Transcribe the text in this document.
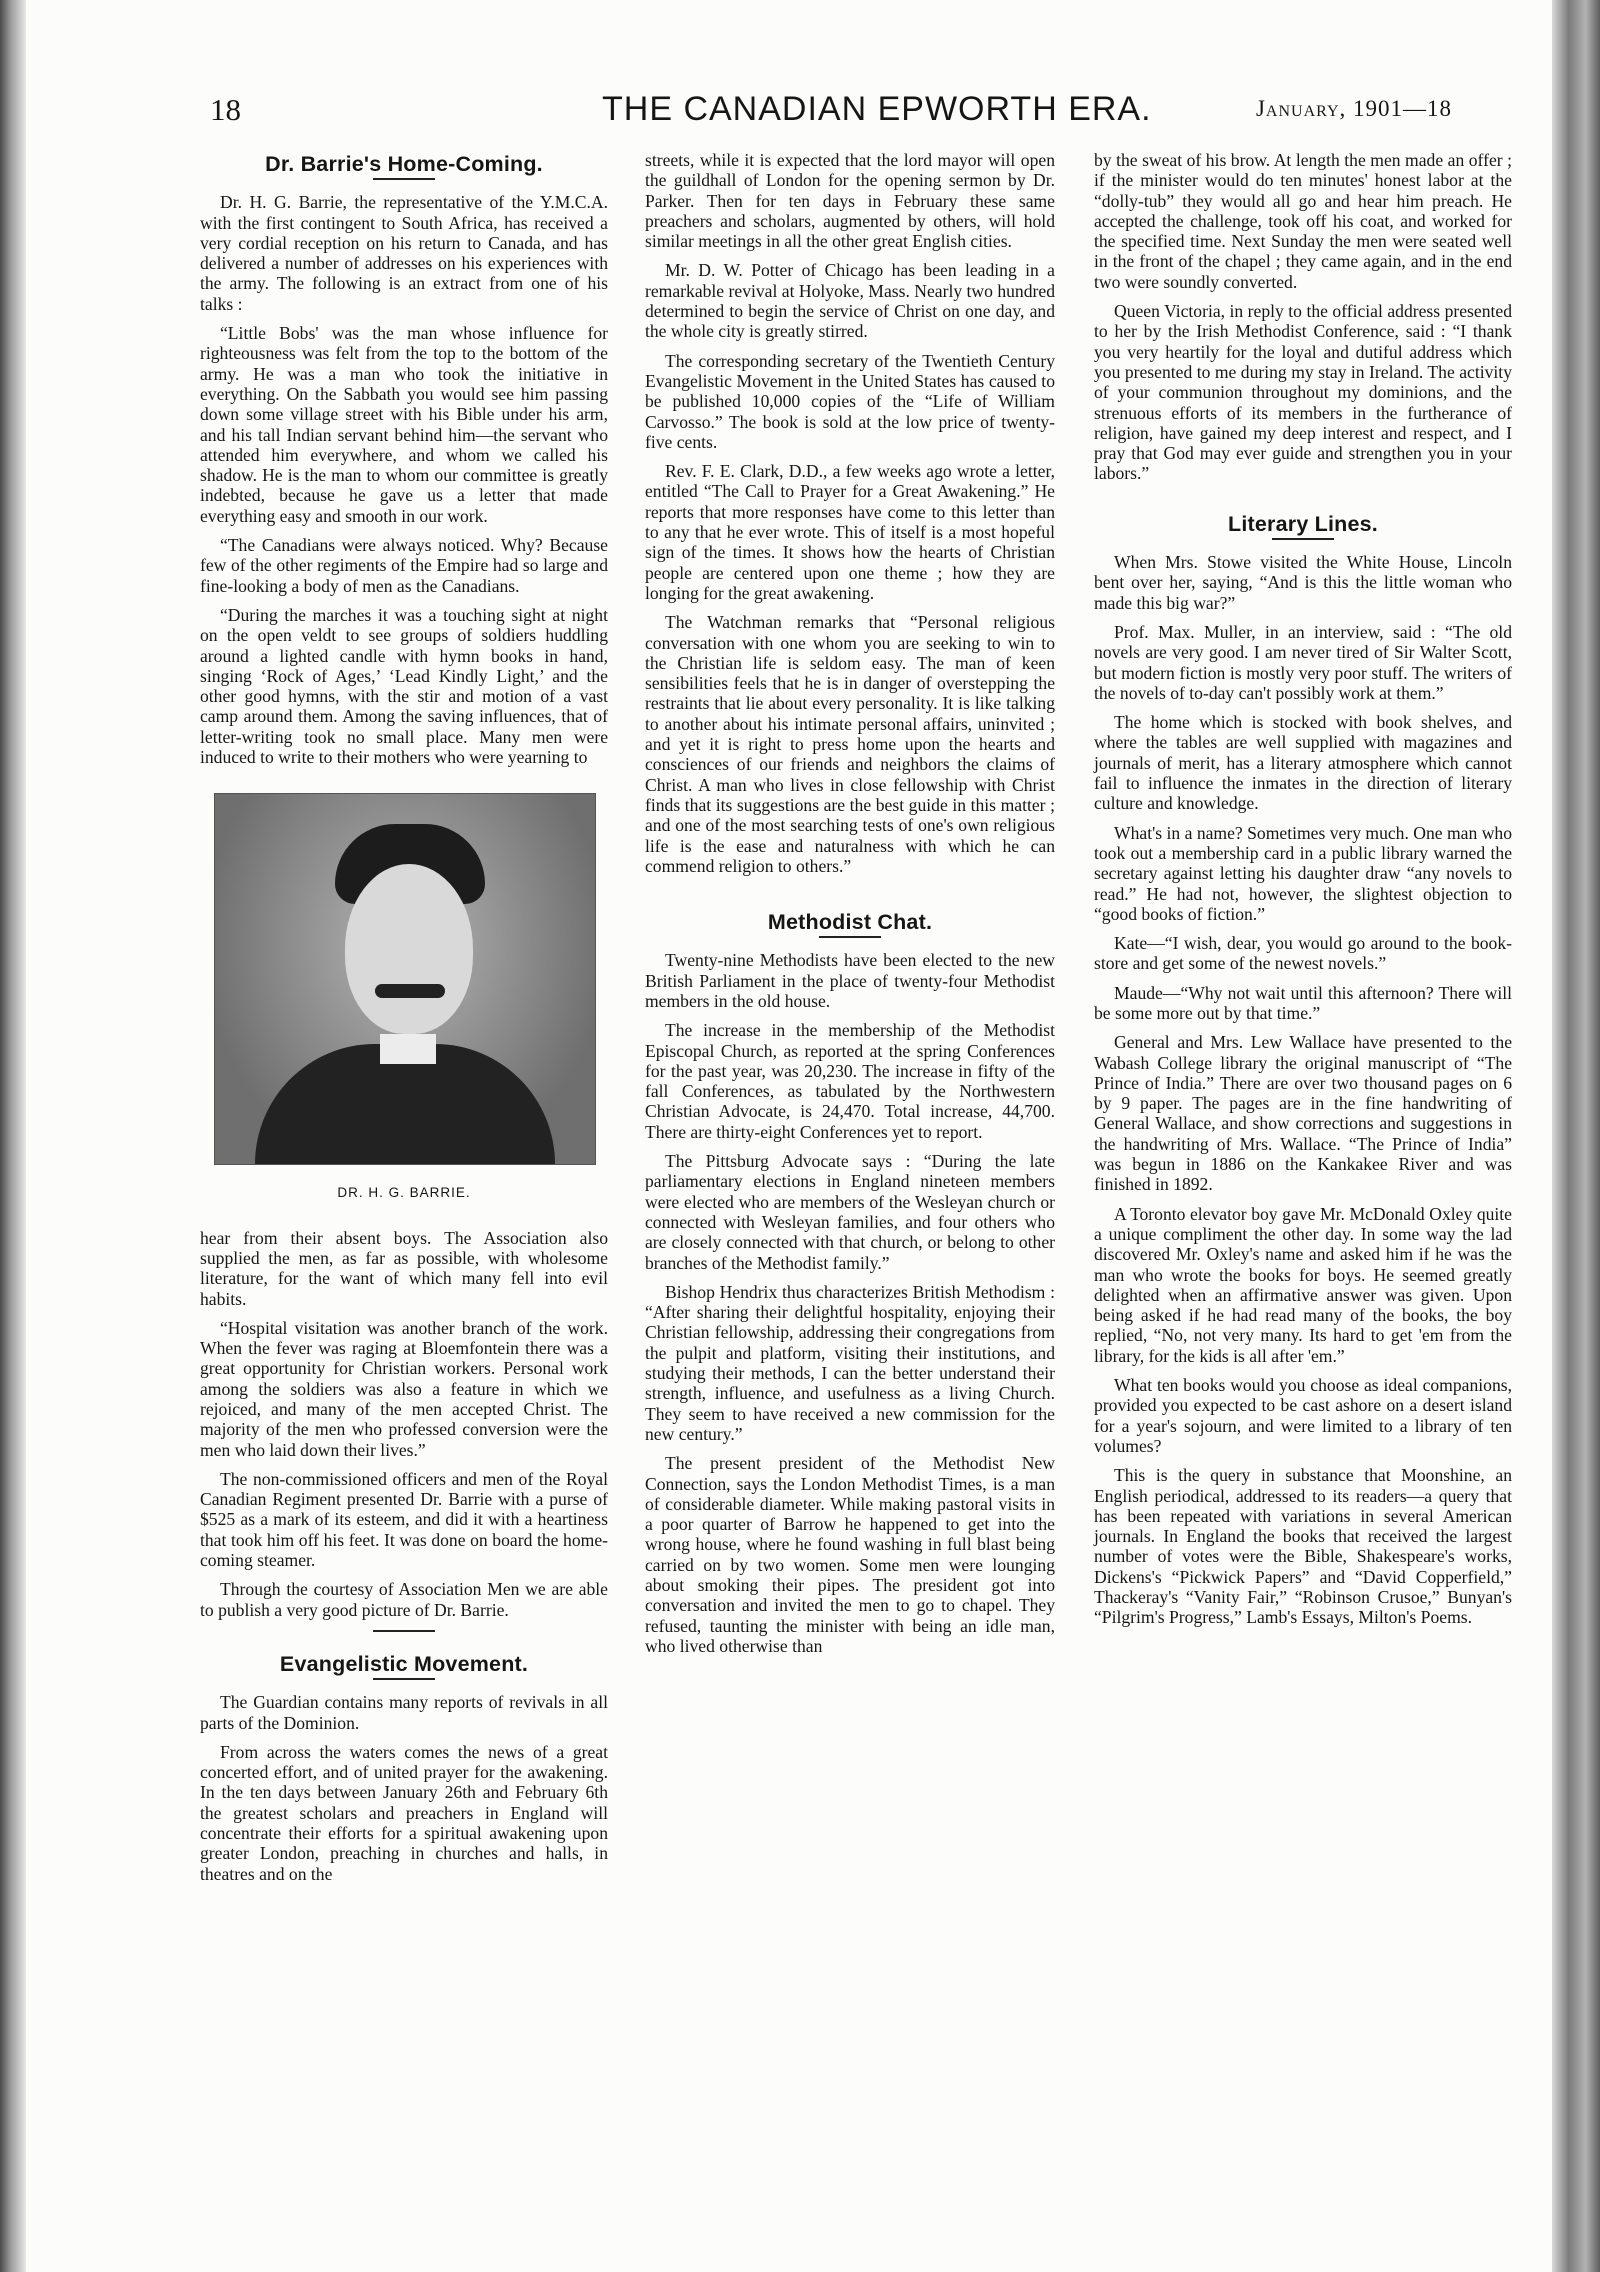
18	THE CANADIAN EPWORTH ERA.	January, 1901—18
Dr. Barrie's Home-Coming.

Dr. H. G. Barrie, the representative of the Y.M.C.A. with the first contingent to South Africa, has received a very cordial reception on his return to Canada, and has delivered a number of addresses on his experiences with the army. The following is an extract from one of his talks :

“Little Bobs' was the man whose influence for righteousness was felt from the top to the bottom of the army. He was a man who took the initiative in everything. On the Sabbath you would see him passing down some village street with his Bible under his arm, and his tall Indian servant behind him—the servant who attended him everywhere, and whom we called his shadow. He is the man to whom our committee is greatly indebted, because he gave us a letter that made everything easy and smooth in our work.

“The Canadians were always noticed. Why? Because few of the other regiments of the Empire had so large and fine-looking a body of men as the Canadians.

“During the marches it was a touching sight at night on the open veldt to see groups of soldiers huddling around a lighted candle with hymn books in hand, singing ‘Rock of Ages,’ ‘Lead Kindly Light,’ and the other good hymns, with the stir and motion of a vast camp around them. Among the saving influences, that of letter-writing took no small place. Many men were induced to write to their mothers who were yearning to

DR. H. G. BARRIE.

hear from their absent boys. The Association also supplied the men, as far as possible, with wholesome literature, for the want of which many fell into evil habits.

“Hospital visitation was another branch of the work. When the fever was raging at Bloemfontein there was a great opportunity for Christian workers. Personal work among the soldiers was also a feature in which we rejoiced, and many of the men accepted Christ. The majority of the men who professed conversion were the men who laid down their lives.”

The non-commissioned officers and men of the Royal Canadian Regiment presented Dr. Barrie with a purse of $525 as a mark of its esteem, and did it with a heartiness that took him off his feet. It was done on board the home-coming steamer.

Through the courtesy of Association Men we are able to publish a very good picture of Dr. Barrie.

Evangelistic Movement.

The Guardian contains many reports of revivals in all parts of the Dominion.

From across the waters comes the news of a great concerted effort, and of united prayer for the awakening. In the ten days between January 26th and February 6th the greatest scholars and preachers in England will concentrate their efforts for a spiritual awakening upon greater London, preaching in churches and halls, in theatres and on the

streets, while it is expected that the lord mayor will open the guildhall of London for the opening sermon by Dr. Parker. Then for ten days in February these same preachers and scholars, augmented by others, will hold similar meetings in all the other great English cities.

Mr. D. W. Potter of Chicago has been leading in a remarkable revival at Holyoke, Mass. Nearly two hundred determined to begin the service of Christ on one day, and the whole city is greatly stirred.

The corresponding secretary of the Twentieth Century Evangelistic Movement in the United States has caused to be published 10,000 copies of the “Life of William Carvosso.” The book is sold at the low price of twenty-five cents.

Rev. F. E. Clark, D.D., a few weeks ago wrote a letter, entitled “The Call to Prayer for a Great Awakening.” He reports that more responses have come to this letter than to any that he ever wrote. This of itself is a most hopeful sign of the times. It shows how the hearts of Christian people are centered upon one theme ; how they are longing for the great awakening.

The Watchman remarks that “Personal religious conversation with one whom you are seeking to win to the Christian life is seldom easy. The man of keen sensibilities feels that he is in danger of overstepping the restraints that lie about every personality. It is like talking to another about his intimate personal affairs, uninvited ; and yet it is right to press home upon the hearts and consciences of our friends and neighbors the claims of Christ. A man who lives in close fellowship with Christ finds that its suggestions are the best guide in this matter ; and one of the most searching tests of one's own religious life is the ease and naturalness with which he can commend religion to others.”

Methodist Chat.

Twenty-nine Methodists have been elected to the new British Parliament in the place of twenty-four Methodist members in the old house.

The increase in the membership of the Methodist Episcopal Church, as reported at the spring Conferences for the past year, was 20,230. The increase in fifty of the fall Conferences, as tabulated by the Northwestern Christian Advocate, is 24,470. Total increase, 44,700. There are thirty-eight Conferences yet to report.

The Pittsburg Advocate says : “During the late parliamentary elections in England nineteen members were elected who are members of the Wesleyan church or connected with Wesleyan families, and four others who are closely connected with that church, or belong to other branches of the Methodist family.”

Bishop Hendrix thus characterizes British Methodism : “After sharing their delightful hospitality, enjoying their Christian fellowship, addressing their congregations from the pulpit and platform, visiting their institutions, and studying their methods, I can the better understand their strength, influence, and usefulness as a living Church. They seem to have received a new commission for the new century.”

The present president of the Methodist New Connection, says the London Methodist Times, is a man of considerable diameter. While making pastoral visits in a poor quarter of Barrow he happened to get into the wrong house, where he found washing in full blast being carried on by two women. Some men were lounging about smoking their pipes. The president got into conversation and invited the men to go to chapel. They refused, taunting the minister with being an idle man, who lived otherwise than

by the sweat of his brow. At length the men made an offer ; if the minister would do ten minutes' honest labor at the “dolly-tub” they would all go and hear him preach. He accepted the challenge, took off his coat, and worked for the specified time. Next Sunday the men were seated well in the front of the chapel ; they came again, and in the end two were soundly converted.

Queen Victoria, in reply to the official address presented to her by the Irish Methodist Conference, said : “I thank you very heartily for the loyal and dutiful address which you presented to me during my stay in Ireland. The activity of your communion throughout my dominions, and the strenuous efforts of its members in the furtherance of religion, have gained my deep interest and respect, and I pray that God may ever guide and strengthen you in your labors.”

Literary Lines.

When Mrs. Stowe visited the White House, Lincoln bent over her, saying, “And is this the little woman who made this big war?”

Prof. Max. Muller, in an interview, said : “The old novels are very good. I am never tired of Sir Walter Scott, but modern fiction is mostly very poor stuff. The writers of the novels of to-day can't possibly work at them.”

The home which is stocked with book shelves, and where the tables are well supplied with magazines and journals of merit, has a literary atmosphere which cannot fail to influence the inmates in the direction of literary culture and knowledge.

What's in a name? Sometimes very much. One man who took out a membership card in a public library warned the secretary against letting his daughter draw “any novels to read.” He had not, however, the slightest objection to “good books of fiction.”

Kate—“I wish, dear, you would go around to the book-store and get some of the newest novels.”

Maude—“Why not wait until this afternoon? There will be some more out by that time.”

General and Mrs. Lew Wallace have presented to the Wabash College library the original manuscript of “The Prince of India.” There are over two thousand pages on 6 by 9 paper. The pages are in the fine handwriting of General Wallace, and show corrections and suggestions in the handwriting of Mrs. Wallace. “The Prince of India” was begun in 1886 on the Kankakee River and was finished in 1892.

A Toronto elevator boy gave Mr. McDonald Oxley quite a unique compliment the other day. In some way the lad discovered Mr. Oxley's name and asked him if he was the man who wrote the books for boys. He seemed greatly delighted when an affirmative answer was given. Upon being asked if he had read many of the books, the boy replied, “No, not very many. Its hard to get 'em from the library, for the kids is all after 'em.”

What ten books would you choose as ideal companions, provided you expected to be cast ashore on a desert island for a year's sojourn, and were limited to a library of ten volumes?

This is the query in substance that Moonshine, an English periodical, addressed to its readers—a query that has been repeated with variations in several American journals. In England the books that received the largest number of votes were the Bible, Shakespeare's works, Dickens's “Pickwick Papers” and “David Copperfield,” Thackeray's “Vanity Fair,” “Robinson Crusoe,” Bunyan's “Pilgrim's Progress,” Lamb's Essays, Milton's Poems.
